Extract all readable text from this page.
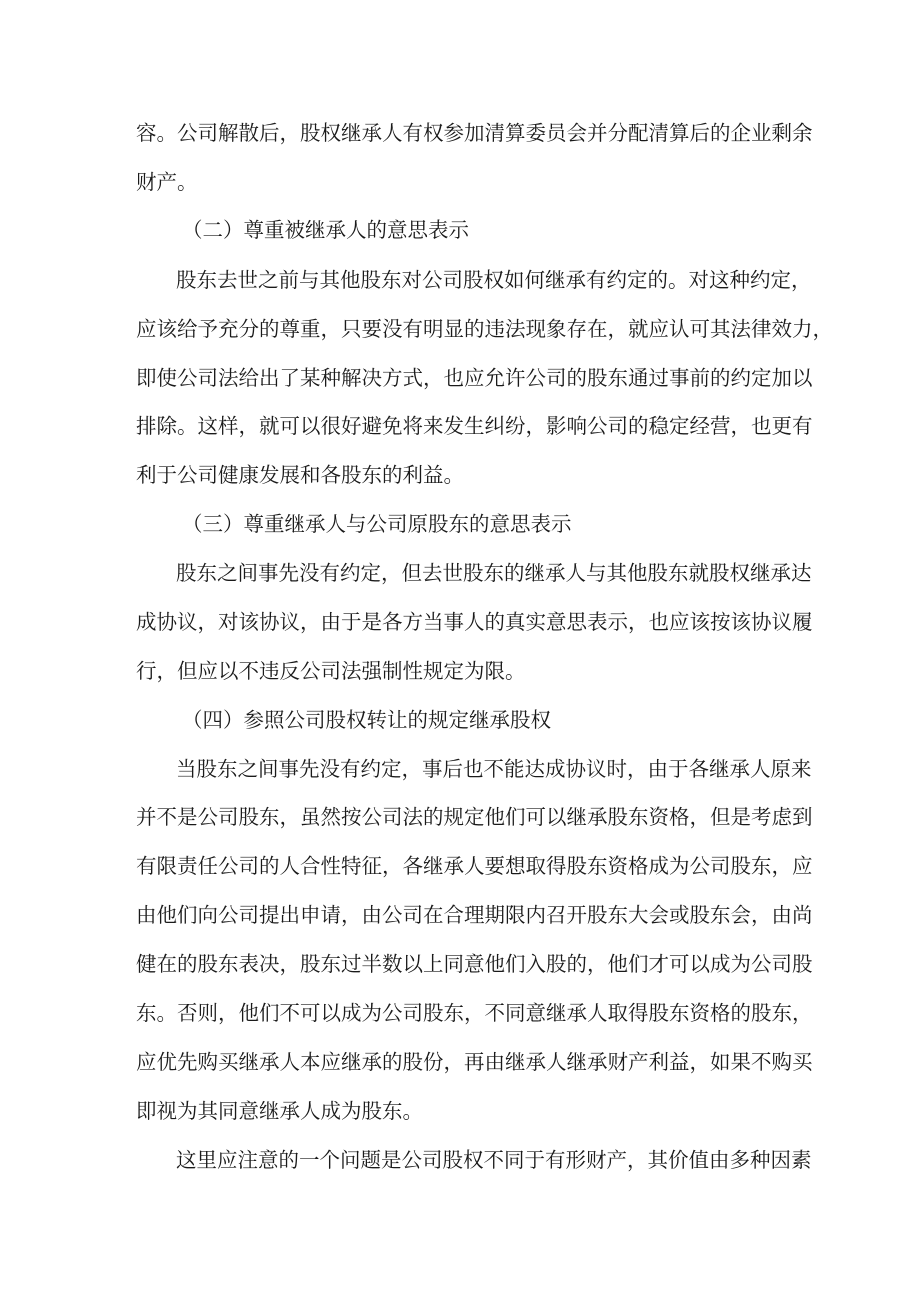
容 。 公 司 解 散 后 ， 股 权 继 承 人 有 权 参 加 清 算 委 员 会 并 分 配 清 算 后 的 企 业 剩 余
财产。
（二）尊重被继承人的意思表示
股 东 去 世 之 前 与 其 他 股 东 对 公 司 股 权 如 何 继 承 有 约 定 的 。 对 这 种 约 定 ，
应 该 给 予 充 分 的 尊 重 ， 只 要 没 有 明 显 的 违 法 现 象 存 在 ， 就 应 认 可 其 法 律 效 力 ，
即 使 公 司 法 给 出 了 某 种 解 决 方 式 ， 也 应 允 许 公 司 的 股 东 通 过 事 前 的 约 定 加 以
排 除 。 这 样 ， 就 可 以 很 好 避 免 将 来 发 生 纠 纷 ， 影 响 公 司 的 稳 定 经 营 ， 也 更 有
利于公司健康发展和各股东的利益。
（三）尊重继承人与公司原股东的意思表示
股 东 之 间 事 先 没 有 约 定 ， 但 去 世 股 东 的 继 承 人 与 其 他 股 东 就 股 权 继 承 达
成 协 议 ， 对 该 协 议 ， 由 于 是 各 方 当 事 人 的 真 实 意 思 表 示 ， 也 应 该 按 该 协 议 履
行，但应以不违反公司法强制性规定为限。
（四）参照公司股权转让的规定继承股权
当 股 东 之 间 事 先 没 有 约 定 ， 事 后 也 不 能 达 成 协 议 时 ， 由 于 各 继 承 人 原 来
并 不 是 公 司 股 东 ， 虽 然 按 公 司 法 的 规 定 他 们 可 以 继 承 股 东 资 格 ， 但 是 考 虑 到
有 限 责 任 公 司 的 人 合 性 特 征 ， 各 继 承 人 要 想 取 得 股 东 资 格 成 为 公 司 股 东 ， 应
由 他 们 向 公 司 提 出 申 请 ， 由 公 司 在 合 理 期 限 内 召 开 股 东 大 会 或 股 东 会 ， 由 尚
健 在 的 股 东 表 决 ， 股 东 过 半 数 以 上 同 意 他 们 入 股 的 ， 他 们 才 可 以 成 为 公 司 股
东 。 否 则 ， 他 们 不 可 以 成 为 公 司 股 东 ， 不 同 意 继 承 人 取 得 股 东 资 格 的 股 东 ，
应 优 先 购 买 继 承 人 本 应 继 承 的 股 份 ， 再 由 继 承 人 继 承 财 产 利 益 ， 如 果 不 购 买
即视为其同意继承人成为股东。
这 里 应 注 意 的 一 个 问 题 是 公 司 股 权 不 同 于 有 形 财 产 ， 其 价 值 由 多 种 因 素
